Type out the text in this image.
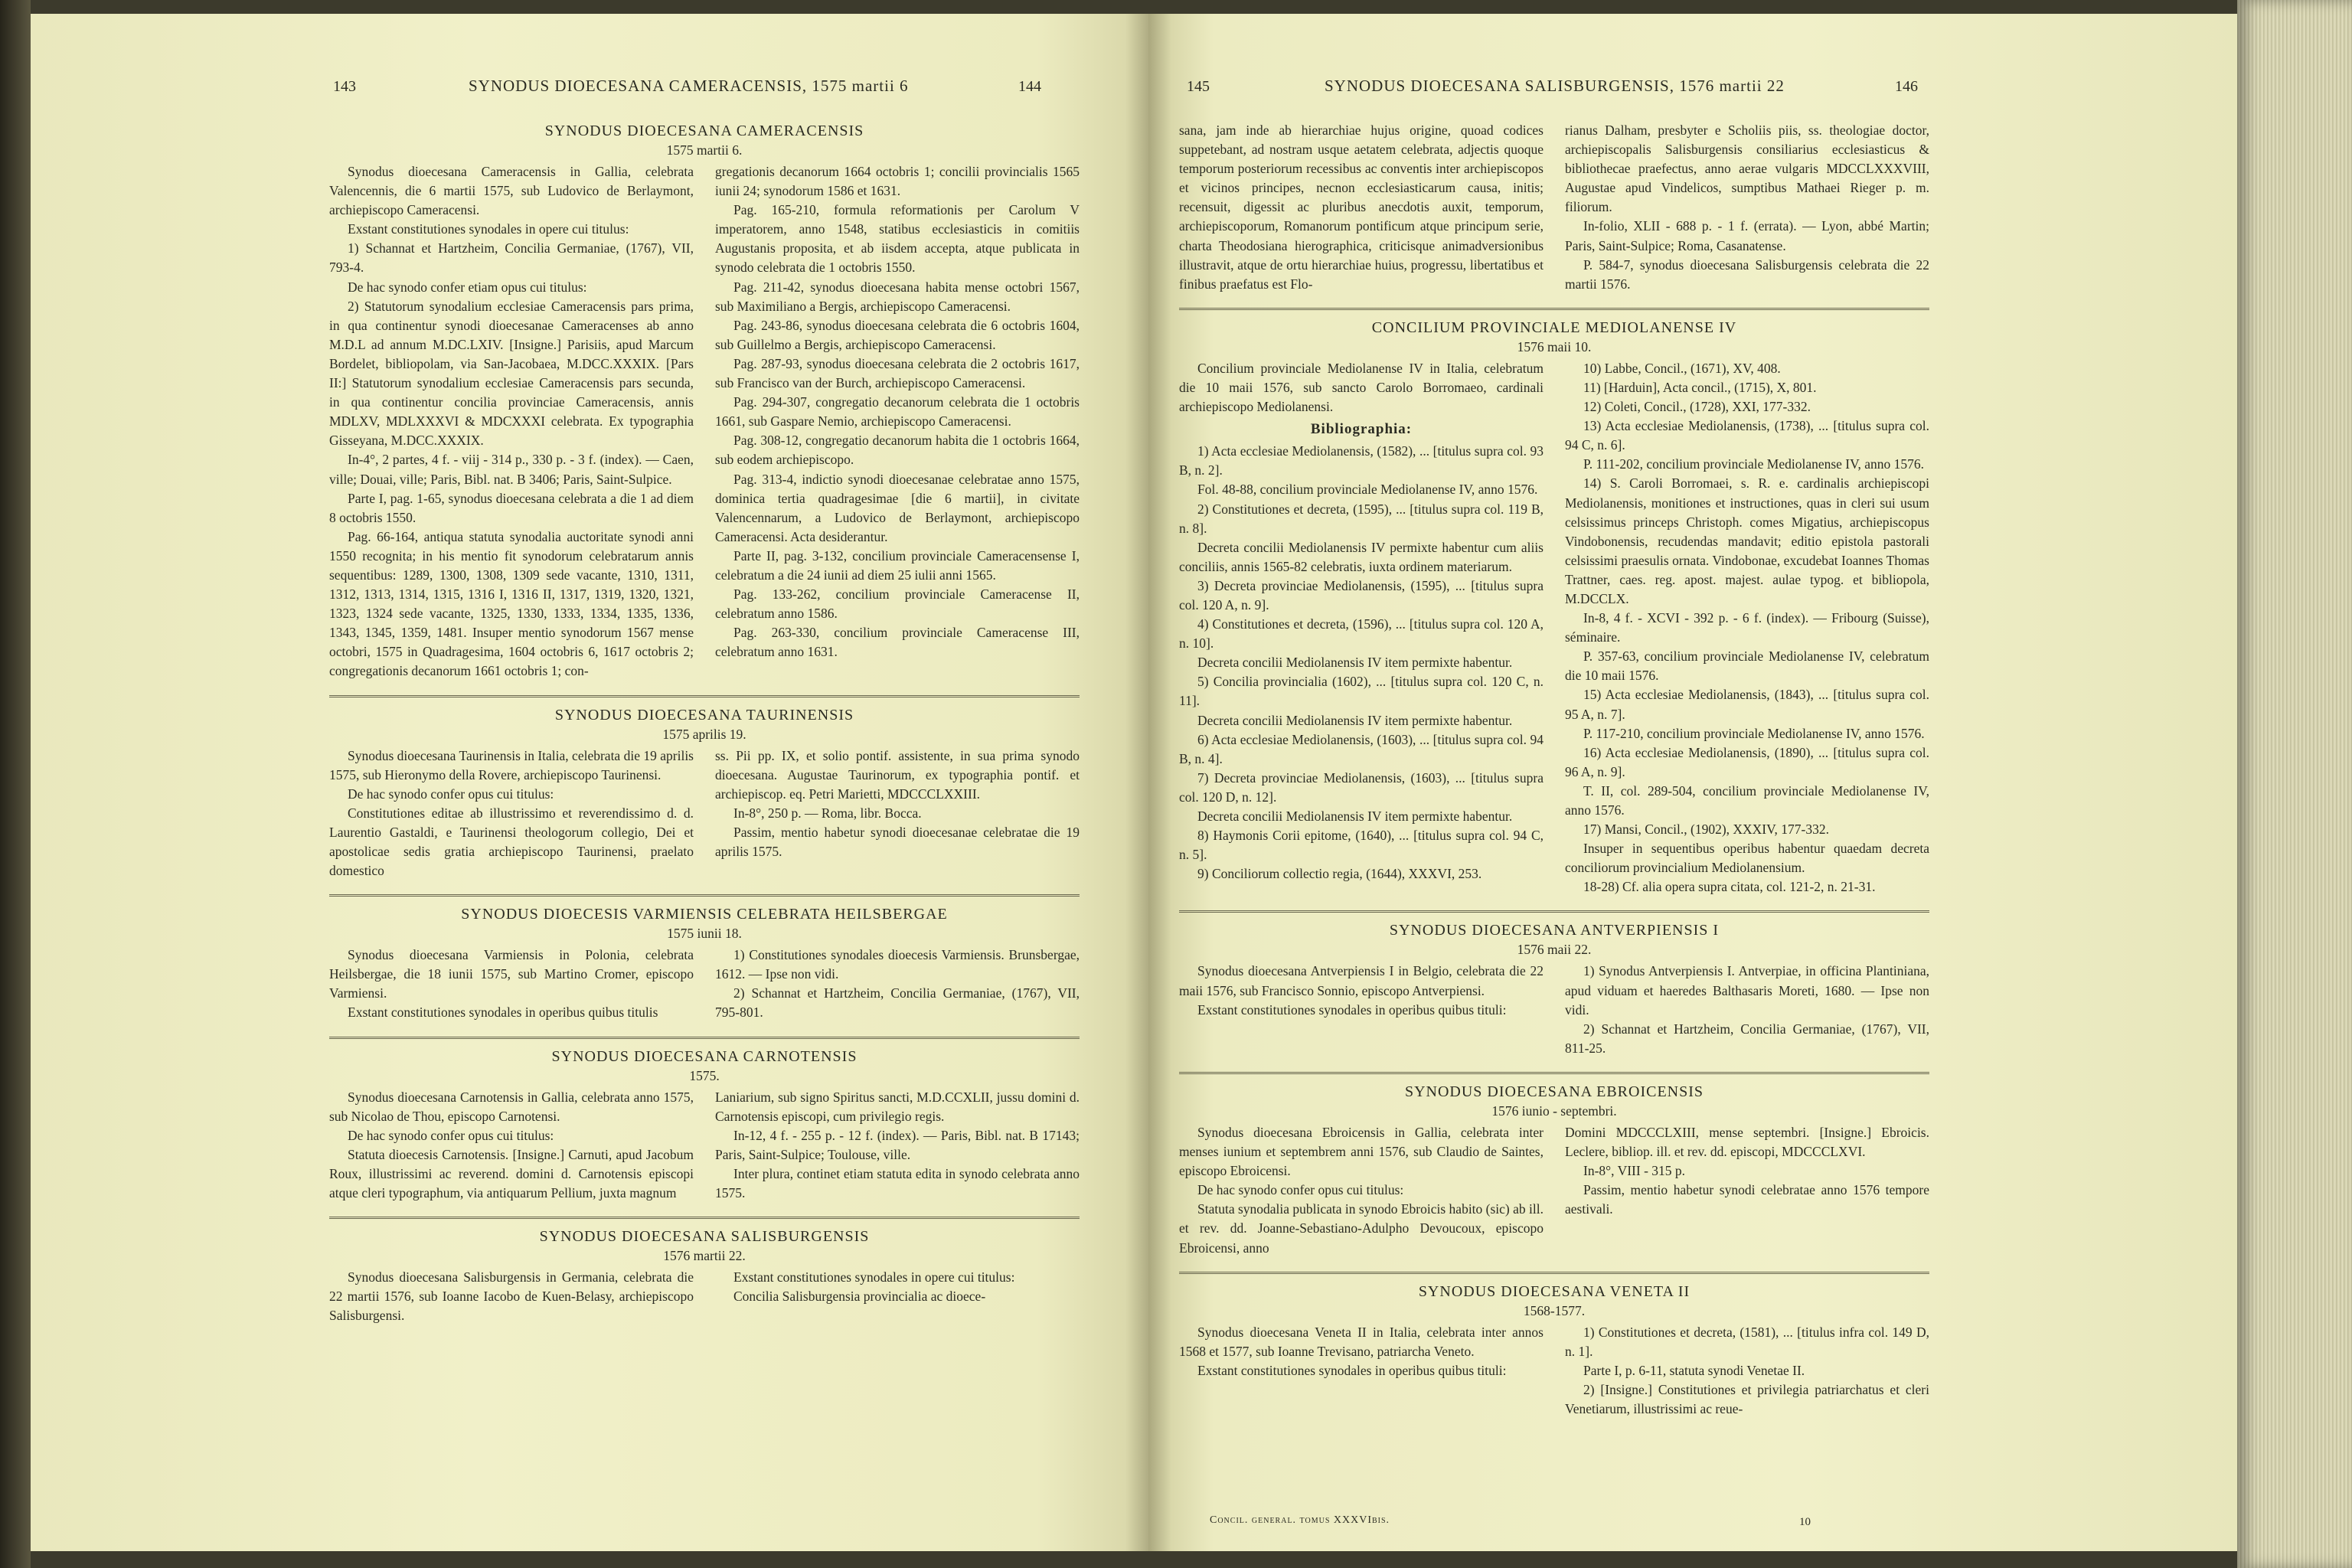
143	SYNODUS DIOECESANA CAMERACENSIS, 1575 martii 6	144
SYNODUS DIOECESANA CAMERACENSIS
1575 martii 6.

Synodus dioecesana Cameracensis in Gallia, celebrata Valencennis, die 6 martii 1575, sub Ludovico de Berlaymont, archiepiscopo Cameracensi.

Exstant constitutiones synodales in opere cui titulus:

1) Schannat et Hartzheim, Concilia Germaniae, (1767), VII, 793-4.

De hac synodo confer etiam opus cui titulus:

2) Statutorum synodalium ecclesiae Cameracensis pars prima, in qua continentur synodi dioecesanae Cameracenses ab anno M.D.L ad annum M.DC.LXIV. [Insigne.] Parisiis, apud Marcum Bordelet, bibliopolam, via San-Jacobaea, M.DCC.XXXIX. [Pars II:] Statutorum synodalium ecclesiae Cameracensis pars secunda, in qua continentur concilia provinciae Cameracensis, annis MDLXV, MDLXXXVI & MDCXXXI celebrata. Ex typographia Gisseyana, M.DCC.XXXIX.

In-4°, 2 partes, 4 f. - viij - 314 p., 330 p. - 3 f. (index). — Caen, ville; Douai, ville; Paris, Bibl. nat. B 3406; Paris, Saint-Sulpice.

Parte I, pag. 1-65, synodus dioecesana celebrata a die 1 ad diem 8 octobris 1550.

Pag. 66-164, antiqua statuta synodalia auctoritate synodi anni 1550 recognita; in his mentio fit synodorum celebratarum annis sequentibus: 1289, 1300, 1308, 1309 sede vacante, 1310, 1311, 1312, 1313, 1314, 1315, 1316 I, 1316 II, 1317, 1319, 1320, 1321, 1323, 1324 sede vacante, 1325, 1330, 1333, 1334, 1335, 1336, 1343, 1345, 1359, 1481. Insuper mentio synodorum 1567 mense octobri, 1575 in Quadragesima, 1604 octobris 6, 1617 octobris 2; congregationis decanorum 1661 octobris 1; con-

gregationis decanorum 1664 octobris 1; concilii provincialis 1565 iunii 24; synodorum 1586 et 1631.

Pag. 165-210, formula reformationis per Carolum V imperatorem, anno 1548, statibus ecclesiasticis in comitiis Augustanis proposita, et ab iisdem accepta, atque publicata in synodo celebrata die 1 octobris 1550.

Pag. 211-42, synodus dioecesana habita mense octobri 1567, sub Maximiliano a Bergis, archiepiscopo Cameracensi.

Pag. 243-86, synodus dioecesana celebrata die 6 octobris 1604, sub Guillelmo a Bergis, archiepiscopo Cameracensi.

Pag. 287-93, synodus dioecesana celebrata die 2 octobris 1617, sub Francisco van der Burch, archiepiscopo Cameracensi.

Pag. 294-307, congregatio decanorum celebrata die 1 octobris 1661, sub Gaspare Nemio, archiepiscopo Cameracensi.

Pag. 308-12, congregatio decanorum habita die 1 octobris 1664, sub eodem archiepiscopo.

Pag. 313-4, indictio synodi dioecesanae celebratae anno 1575, dominica tertia quadragesimae [die 6 martii], in civitate Valencennarum, a Ludovico de Berlaymont, archiepiscopo Cameracensi. Acta desiderantur.

Parte II, pag. 3-132, concilium provinciale Cameracensense I, celebratum a die 24 iunii ad diem 25 iulii anni 1565.

Pag. 133-262, concilium provinciale Cameracense II, celebratum anno 1586.

Pag. 263-330, concilium provinciale Cameracense III, celebratum anno 1631.

SYNODUS DIOECESANA TAURINENSIS
1575 aprilis 19.

Synodus dioecesana Taurinensis in Italia, celebrata die 19 aprilis 1575, sub Hieronymo della Rovere, archiepiscopo Taurinensi.

De hac synodo confer opus cui titulus:

Constitutiones editae ab illustrissimo et reverendissimo d. d. Laurentio Gastaldi, e Taurinensi theologorum collegio, Dei et apostolicae sedis gratia archiepiscopo Taurinensi, praelato domestico

ss. Pii pp. IX, et solio pontif. assistente, in sua prima synodo dioecesana. Augustae Taurinorum, ex typographia pontif. et archiepiscop. eq. Petri Marietti, MDCCCLXXIII.

In-8°, 250 p. — Roma, libr. Bocca.

Passim, mentio habetur synodi dioecesanae celebratae die 19 aprilis 1575.

SYNODUS DIOECESIS VARMIENSIS CELEBRATA HEILSBERGAE
1575 iunii 18.

Synodus dioecesana Varmiensis in Polonia, celebrata Heilsbergae, die 18 iunii 1575, sub Martino Cromer, episcopo Varmiensi.

Exstant constitutiones synodales in operibus quibus titulis

1) Constitutiones synodales dioecesis Varmiensis. Brunsbergae, 1612. — Ipse non vidi.

2) Schannat et Hartzheim, Concilia Germaniae, (1767), VII, 795-801.

SYNODUS DIOECESANA CARNOTENSIS
1575.

Synodus dioecesana Carnotensis in Gallia, celebrata anno 1575, sub Nicolao de Thou, episcopo Carnotensi.

De hac synodo confer opus cui titulus:

Statuta dioecesis Carnotensis. [Insigne.] Carnuti, apud Jacobum Roux, illustrissimi ac reverend. domini d. Carnotensis episcopi atque cleri typographum, via antiquarum Pellium, juxta magnum

Laniarium, sub signo Spiritus sancti, M.D.CCXLII, jussu domini d. Carnotensis episcopi, cum privilegio regis.

In-12, 4 f. - 255 p. - 12 f. (index). — Paris, Bibl. nat. B 17143; Paris, Saint-Sulpice; Toulouse, ville.

Inter plura, continet etiam statuta edita in synodo celebrata anno 1575.

SYNODUS DIOECESANA SALISBURGENSIS
1576 martii 22.

Synodus dioecesana Salisburgensis in Germania, celebrata die 22 martii 1576, sub Ioanne Iacobo de Kuen-Belasy, archiepiscopo Salisburgensi.

Exstant constitutiones synodales in opere cui titulus:

Concilia Salisburgensia provincialia ac dioece-

145	SYNODUS DIOECESANA SALISBURGENSIS, 1576 martii 22	146

sana, jam inde ab hierarchiae hujus origine, quoad codices suppetebant, ad nostram usque aetatem celebrata, adjectis quoque temporum posteriorum recessibus ac conventis inter archiepiscopos et vicinos principes, necnon ecclesiasticarum causa, initis; recensuit, digessit ac pluribus anecdotis auxit, temporum, archiepiscoporum, Romanorum pontificum atque principum serie, charta Theodosiana hierographica, criticisque animadversionibus illustravit, atque de ortu hierarchiae huius, progressu, libertatibus et finibus praefatus est Flo-

rianus Dalham, presbyter e Scholiis piis, ss. theologiae doctor, archiepiscopalis Salisburgensis consiliarius ecclesiasticus & bibliothecae praefectus, anno aerae vulgaris MDCCLXXXVIII, Augustae apud Vindelicos, sumptibus Mathaei Rieger p. m. filiorum.

In-folio, XLII - 688 p. - 1 f. (errata). — Lyon, abbé Martin; Paris, Saint-Sulpice; Roma, Casanatense.

P. 584-7, synodus dioecesana Salisburgensis celebrata die 22 martii 1576.

CONCILIUM PROVINCIALE MEDIOLANENSE IV
1576 maii 10.

Concilium provinciale Mediolanense IV in Italia, celebratum die 10 maii 1576, sub sancto Carolo Borromaeo, cardinali archiepiscopo Mediolanensi.

Bibliographia:

1) Acta ecclesiae Mediolanensis, (1582), ... [titulus supra col. 93 B, n. 2].

Fol. 48-88, concilium provinciale Mediolanense IV, anno 1576.

2) Constitutiones et decreta, (1595), ... [titulus supra col. 119 B, n. 8].

Decreta concilii Mediolanensis IV permixte habentur cum aliis conciliis, annis 1565-82 celebratis, iuxta ordinem materiarum.

3) Decreta provinciae Mediolanensis, (1595), ... [titulus supra col. 120 A, n. 9].

4) Constitutiones et decreta, (1596), ... [titulus supra col. 120 A, n. 10].

Decreta concilii Mediolanensis IV item permixte habentur.

5) Concilia provincialia (1602), ... [titulus supra col. 120 C, n. 11].

Decreta concilii Mediolanensis IV item permixte habentur.

6) Acta ecclesiae Mediolanensis, (1603), ... [titulus supra col. 94 B, n. 4].

7) Decreta provinciae Mediolanensis, (1603), ... [titulus supra col. 120 D, n. 12].

Decreta concilii Mediolanensis IV item permixte habentur.

8) Haymonis Corii epitome, (1640), ... [titulus supra col. 94 C, n. 5].

9) Conciliorum collectio regia, (1644), XXXVI, 253.

10) Labbe, Concil., (1671), XV, 408.

11) [Harduin], Acta concil., (1715), X, 801.

12) Coleti, Concil., (1728), XXI, 177-332.

13) Acta ecclesiae Mediolanensis, (1738), ... [titulus supra col. 94 C, n. 6].

P. 111-202, concilium provinciale Mediolanense IV, anno 1576.

14) S. Caroli Borromaei, s. R. e. cardinalis archiepiscopi Mediolanensis, monitiones et instructiones, quas in cleri sui usum celsissimus princeps Christoph. comes Migatius, archiepiscopus Vindobonensis, recudendas mandavit; editio epistola pastorali celsissimi praesulis ornata. Vindobonae, excudebat Ioannes Thomas Trattner, caes. reg. apost. majest. aulae typog. et bibliopola, M.DCCLX.

In-8, 4 f. - XCVI - 392 p. - 6 f. (index). — Fribourg (Suisse), séminaire.

P. 357-63, concilium provinciale Mediolanense IV, celebratum die 10 maii 1576.

15) Acta ecclesiae Mediolanensis, (1843), ... [titulus supra col. 95 A, n. 7].

P. 117-210, concilium provinciale Mediolanense IV, anno 1576.

16) Acta ecclesiae Mediolanensis, (1890), ... [titulus supra col. 96 A, n. 9].

T. II, col. 289-504, concilium provinciale Mediolanense IV, anno 1576.

17) Mansi, Concil., (1902), XXXIV, 177-332.

Insuper in sequentibus operibus habentur quaedam decreta conciliorum provincialium Mediolanensium.

18-28) Cf. alia opera supra citata, col. 121-2, n. 21-31.

SYNODUS DIOECESANA ANTVERPIENSIS I
1576 maii 22.

Synodus dioecesana Antverpiensis I in Belgio, celebrata die 22 maii 1576, sub Francisco Sonnio, episcopo Antverpiensi.

Exstant constitutiones synodales in operibus quibus tituli:

1) Synodus Antverpiensis I. Antverpiae, in officina Plantiniana, apud viduam et haeredes Balthasaris Moreti, 1680. — Ipse non vidi.

2) Schannat et Hartzheim, Concilia Germaniae, (1767), VII, 811-25.

SYNODUS DIOECESANA EBROICENSIS
1576 iunio - septembri.

Synodus dioecesana Ebroicensis in Gallia, celebrata inter menses iunium et septembrem anni 1576, sub Claudio de Saintes, episcopo Ebroicensi.

De hac synodo confer opus cui titulus:

Statuta synodalia publicata in synodo Ebroicis habito (sic) ab ill. et rev. dd. Joanne-Sebastiano-Adulpho Devoucoux, episcopo Ebroicensi, anno

Domini MDCCCLXIII, mense septembri. [Insigne.] Ebroicis. Leclere, bibliop. ill. et rev. dd. episcopi, MDCCCLXVI.

In-8°, VIII - 315 p.

Passim, mentio habetur synodi celebratae anno 1576 tempore aestivali.

SYNODUS DIOECESANA VENETA II
1568-1577.

Synodus dioecesana Veneta II in Italia, celebrata inter annos 1568 et 1577, sub Ioanne Trevisano, patriarcha Veneto.

Exstant constitutiones synodales in operibus quibus tituli:

1) Constitutiones et decreta, (1581), ... [titulus infra col. 149 D, n. 1].

Parte I, p. 6-11, statuta synodi Venetae II.

2) [Insigne.] Constitutiones et privilegia patriarchatus et cleri Venetiarum, illustrissimi ac reue-

Concil. general. tomus XXXVIbis.	10
